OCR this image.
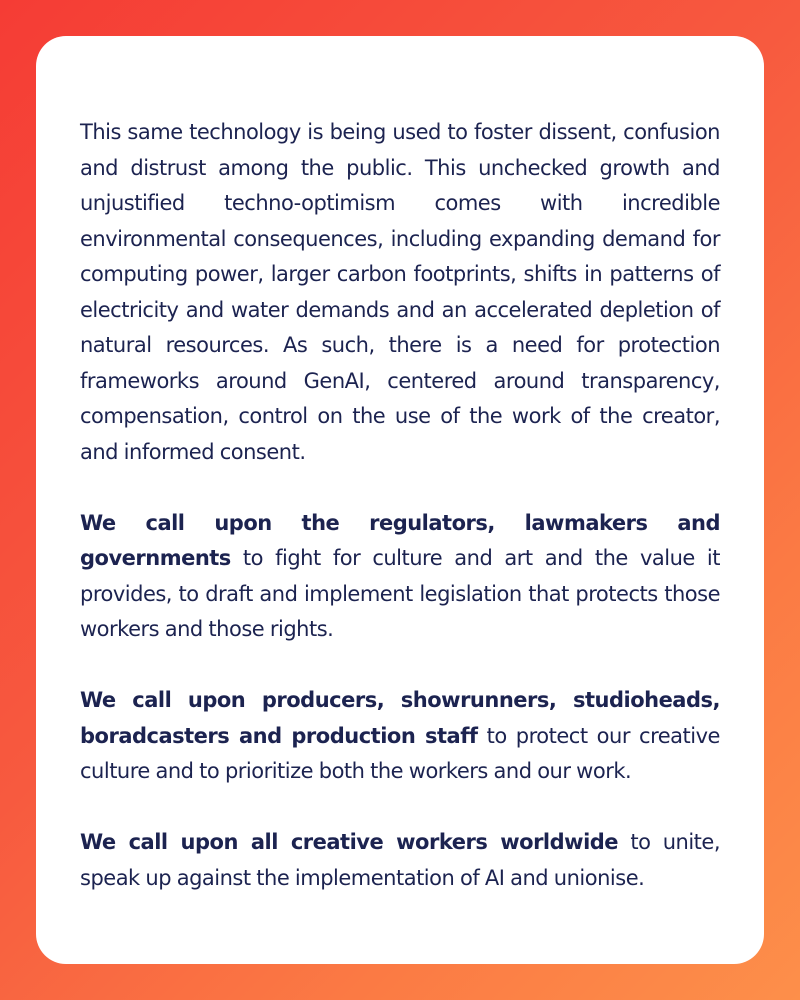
This same technology is being used to foster dissent, confusion and distrust among the public. This unchecked growth and unjustified techno-optimism comes with incredible environmental consequences, including expanding demand for computing power, larger carbon footprints, shifts in patterns of electricity and water demands and an accelerated depletion of natural resources. As such, there is a need for protection frameworks around GenAI, centered around transparency, compensation, control on the use of the work of the creator, and informed consent.

We call upon the regulators, lawmakers and governments to fight for culture and art and the value it provides, to draft and implement legislation that protects those workers and those rights.

We call upon producers, showrunners, studioheads, boradcasters and production staff to protect our creative culture and to prioritize both the workers and our work.

We call upon all creative workers worldwide to unite, speak up against the implementation of AI and unionise.
